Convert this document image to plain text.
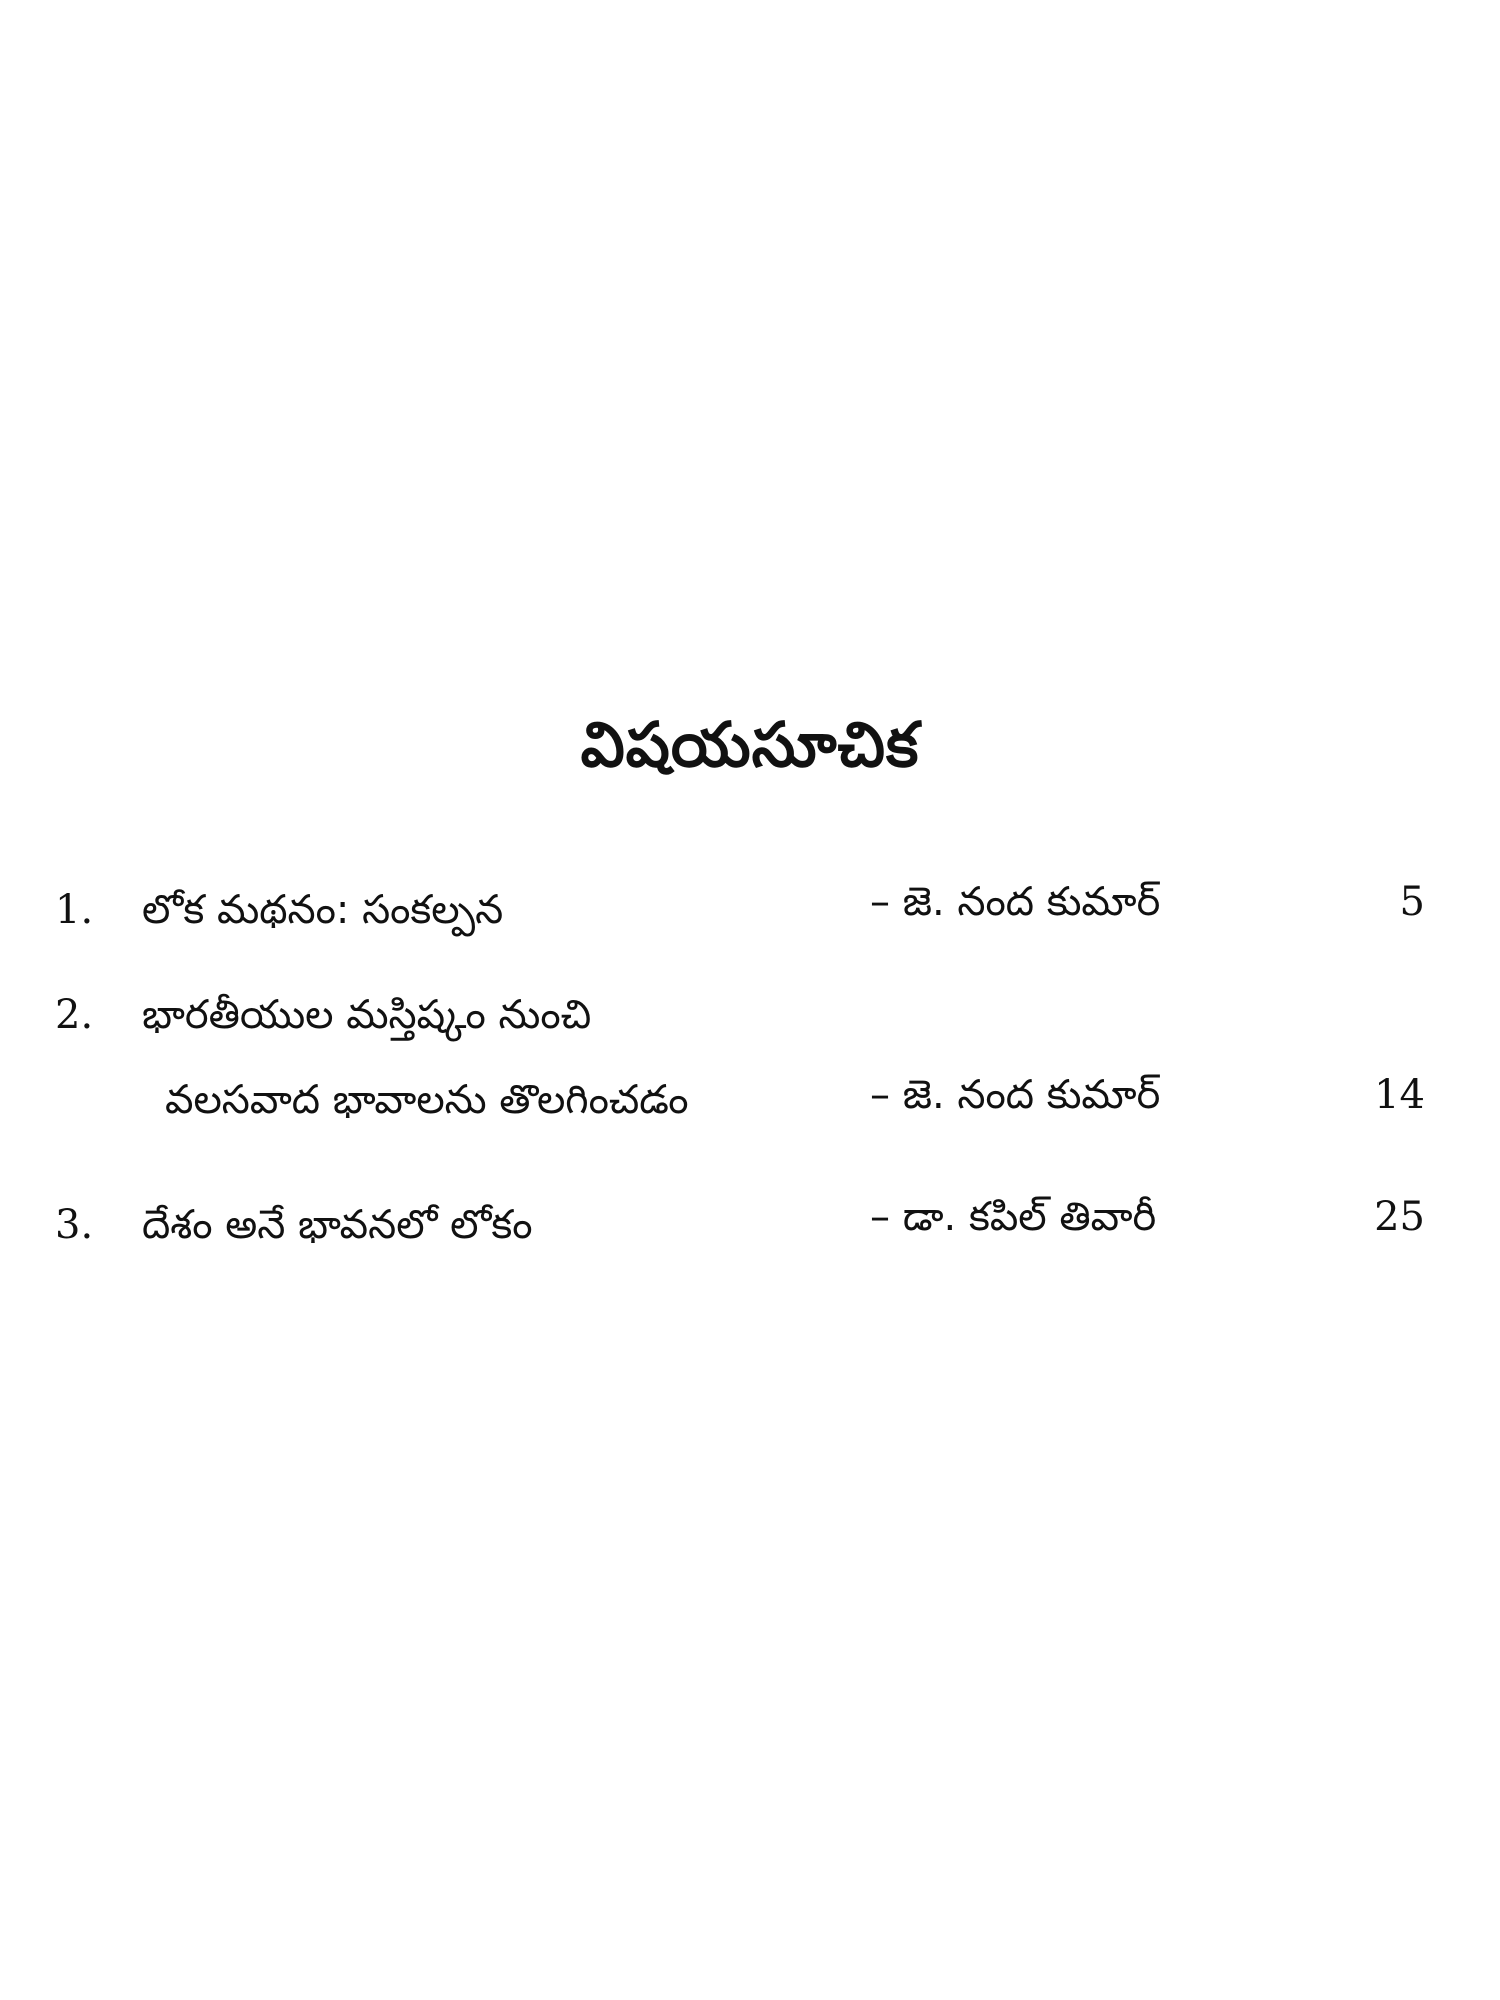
విషయసూచిక
1. లోక మథనం: సంకల్పన	– జె. నంద కుమార్	5
2. భారతీయుల మస్తిష్కం నుంచి
వలసవాద భావాలను తొలగించడం	– జె. నంద కుమార్	14
3. దేశం అనే భావనలో లోకం	– డా. కపిల్ తివారీ	25
